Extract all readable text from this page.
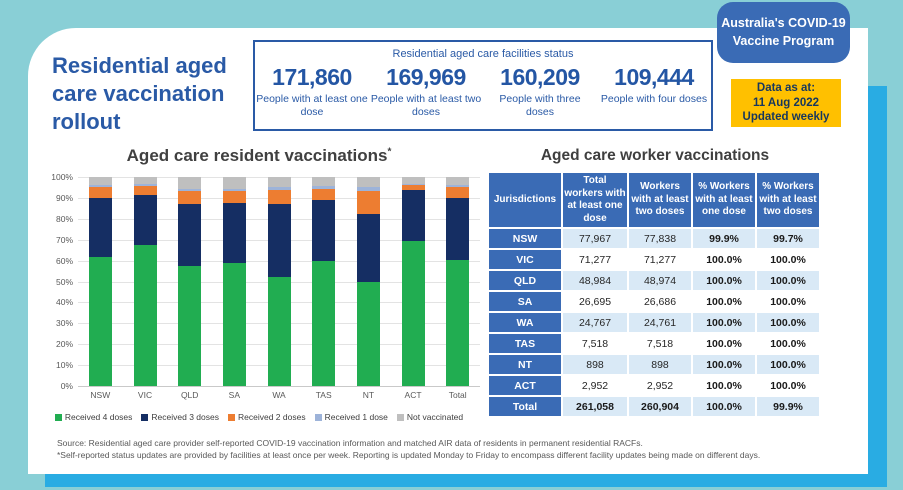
Residential aged care vaccination rollout
Residential aged care facilities status
171,860
People with at least one dose
169,969
People with at least two doses
160,209
People with three doses
109,444
People with four doses
Australia's COVID-19
Vaccine Program
Data as at:
11 Aug 2022
Updated weekly
Aged care resident vaccinations*
100%
90%
80%
70%
60%
50%
40%
30%
20%
10%
0%
NSW	VIC	QLD	SA	WA	TAS	NT	ACT	Total
Received 4 doses Received 3 doses Received 2 doses Received 1 dose Not vaccinated
Aged care worker vaccinations
Jurisdictions
Total workers with at least one dose
Workers with at least two doses
% Workers with at least one dose
% Workers with at least two doses
NSW	77,967	77,838	99.9%	99.7%
VIC	71,277	71,277	100.0%	100.0%
QLD	48,984	48,974	100.0%	100.0%
SA	26,695	26,686	100.0%	100.0%
WA	24,767	24,761	100.0%	100.0%
TAS	7,518	7,518	100.0%	100.0%
NT	898	898	100.0%	100.0%
ACT	2,952	2,952	100.0%	100.0%
Total	261,058	260,904	100.0%	99.9%
Source: Residential aged care provider self-reported COVID-19 vaccination information and matched AIR data of residents in permanent residential RACFs.
*Self-reported status updates are provided by facilities at least once per week. Reporting is updated Monday to Friday to encompass different facility updates being made on different days.
